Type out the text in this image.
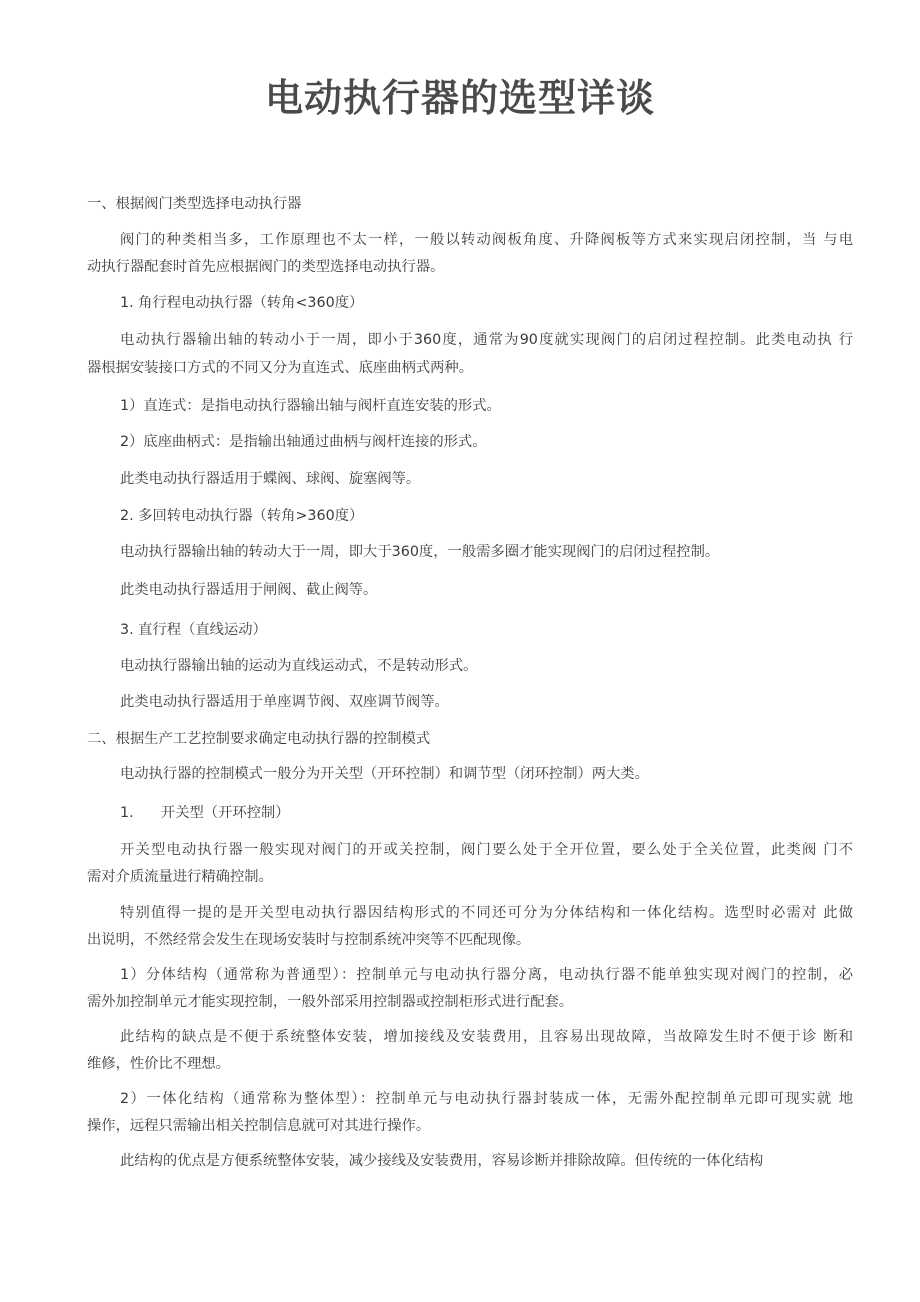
电动执行器的选型详谈
一、根据阀门类型选择电动执行器
阀门的种类相当多，工作原理也不太一样，一般以转动阀板角度、升降阀板等方式来实现启闭控制，当 与电
动执行器配套时首先应根据阀门的类型选择电动执行器。
1. 角行程电动执行器（转角<360度）
电动执行器输出轴的转动小于一周，即小于360度，通常为90度就实现阀门的启闭过程控制。此类电动执 行
器根据安装接口方式的不同又分为直连式、底座曲柄式两种。
1）直连式：是指电动执行器输出轴与阀杆直连安装的形式。
2）底座曲柄式：是指输出轴通过曲柄与阀杆连接的形式。
此类电动执行器适用于蝶阀、球阀、旋塞阀等。
2. 多回转电动执行器（转角>360度）
电动执行器输出轴的转动大于一周，即大于360度，一般需多圈才能实现阀门的启闭过程控制。
此类电动执行器适用于闸阀、截止阀等。
3. 直行程（直线运动）
电动执行器输出轴的运动为直线运动式，不是转动形式。
此类电动执行器适用于单座调节阀、双座调节阀等。
二、根据生产工艺控制要求确定电动执行器的控制模式
电动执行器的控制模式一般分为开关型（开环控制）和调节型（闭环控制）两大类。
1.      开关型（开环控制）
开关型电动执行器一般实现对阀门的开或关控制，阀门要么处于全开位置，要么处于全关位置，此类阀 门不
需对介质流量进行精确控制。
特别值得一提的是开关型电动执行器因结构形式的不同还可分为分体结构和一体化结构。选型时必需对 此做
出说明，不然经常会发生在现场安装时与控制系统冲突等不匹配现像。
1）分体结构（通常称为普通型）：控制单元与电动执行器分离，电动执行器不能单独实现对阀门的控制，必
需外加控制单元才能实现控制，一般外部采用控制器或控制柜形式进行配套。
此结构的缺点是不便于系统整体安装，增加接线及安装费用，且容易出现故障，当故障发生时不便于诊 断和
维修，性价比不理想。
2）一体化结构（通常称为整体型）：控制单元与电动执行器封装成一体，无需外配控制单元即可现实就 地
操作，远程只需输出相关控制信息就可对其进行操作。
此结构的优点是方便系统整体安装，减少接线及安装费用，容易诊断并排除故障。但传统的一体化结构
